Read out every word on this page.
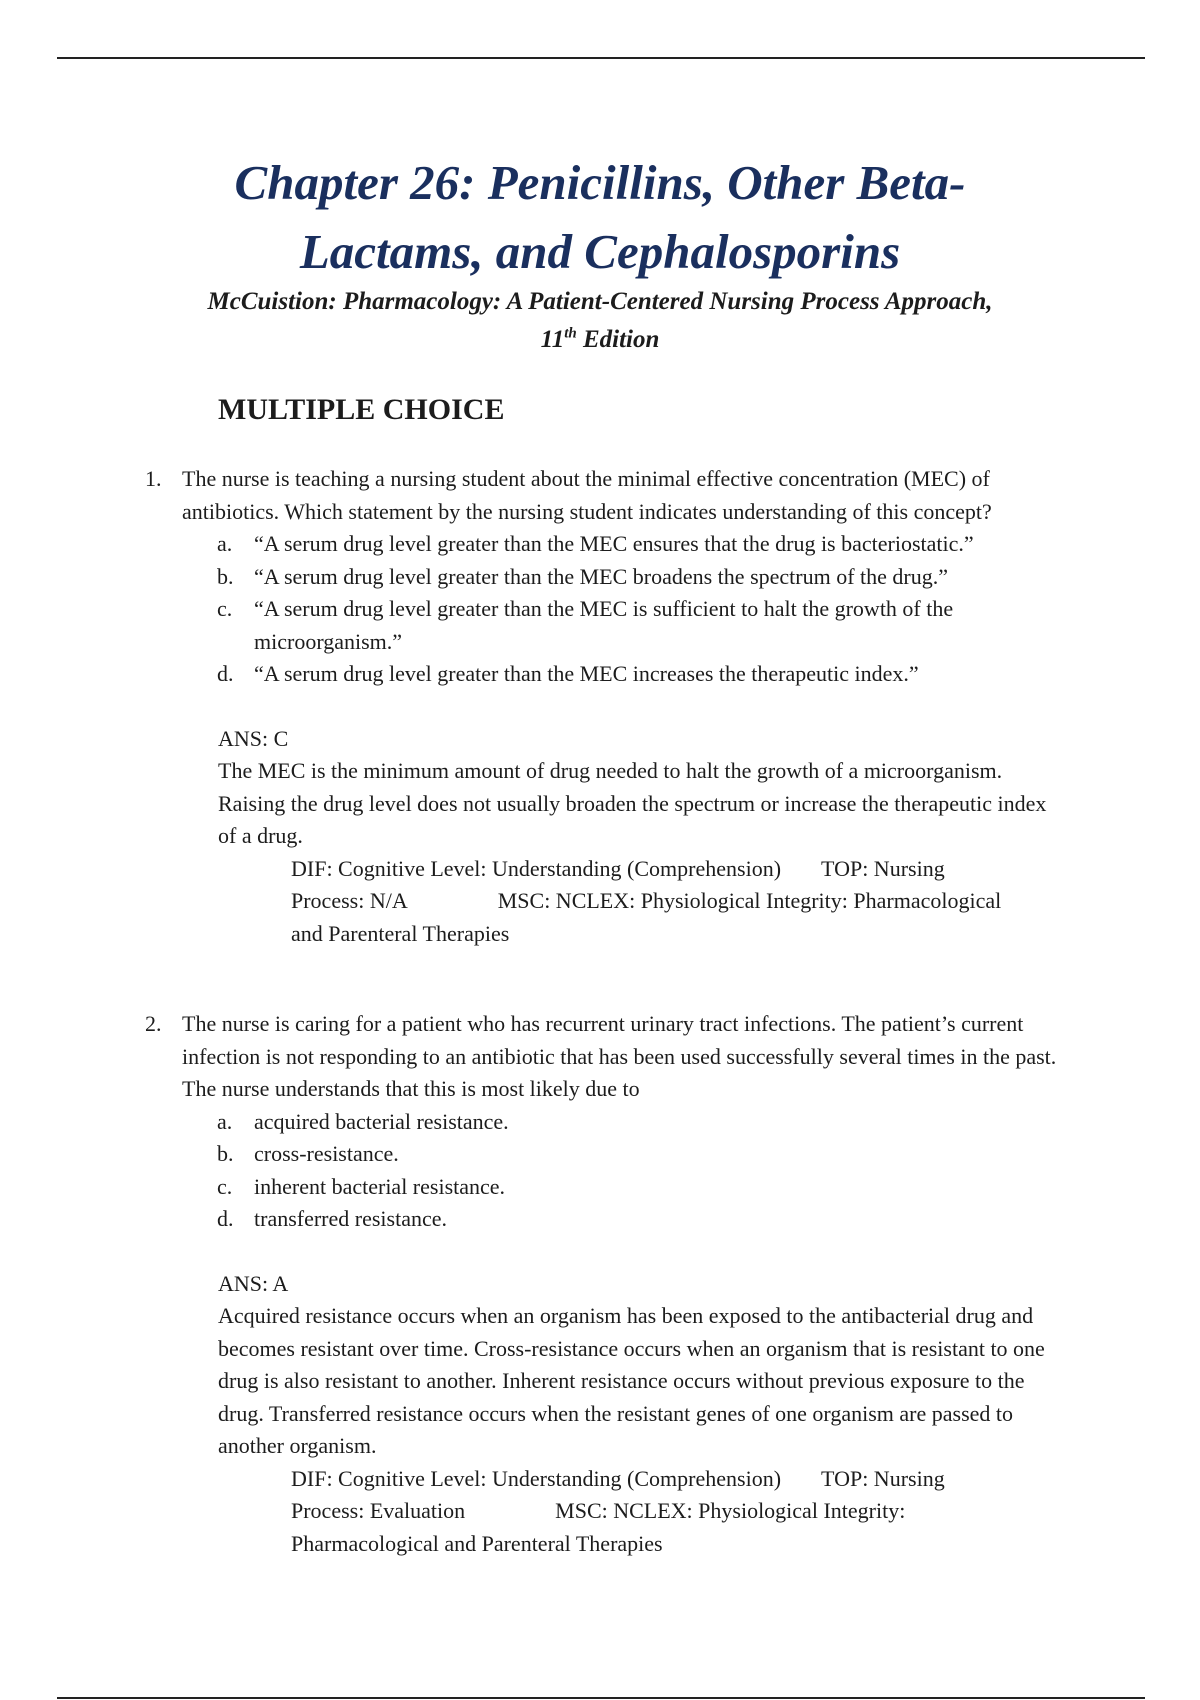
Chapter 26: Penicillins, Other Beta-
Lactams, and Cephalosporins
McCuistion: Pharmacology: A Patient-Centered Nursing Process Approach,
11th Edition
MULTIPLE CHOICE
1. The nurse is teaching a nursing student about the minimal effective concentration (MEC) of antibiotics. Which statement by the nursing student indicates understanding of this concept?
a. “A serum drug level greater than the MEC ensures that the drug is bacteriostatic.”
b. “A serum drug level greater than the MEC broadens the spectrum of the drug.”
c. “A serum drug level greater than the MEC is sufficient to halt the growth of the microorganism.”
d. “A serum drug level greater than the MEC increases the therapeutic index.”
ANS: C
The MEC is the minimum amount of drug needed to halt the growth of a microorganism. Raising the drug level does not usually broaden the spectrum or increase the therapeutic index of a drug.
DIF: Cognitive Level: Understanding (Comprehension) TOP: Nursing Process: N/A	MSC: NCLEX: Physiological Integrity: Pharmacological and Parenteral Therapies
2. The nurse is caring for a patient who has recurrent urinary tract infections. The patient’s current infection is not responding to an antibiotic that has been used successfully several times in the past. The nurse understands that this is most likely due to
a. acquired bacterial resistance.
b. cross-resistance.
c. inherent bacterial resistance.
d. transferred resistance.
ANS: A
Acquired resistance occurs when an organism has been exposed to the antibacterial drug and becomes resistant over time. Cross-resistance occurs when an organism that is resistant to one drug is also resistant to another. Inherent resistance occurs without previous exposure to the drug. Transferred resistance occurs when the resistant genes of one organism are passed to another organism.
DIF: Cognitive Level: Understanding (Comprehension) TOP: Nursing Process: Evaluation	MSC: NCLEX: Physiological Integrity: Pharmacological and Parenteral Therapies
